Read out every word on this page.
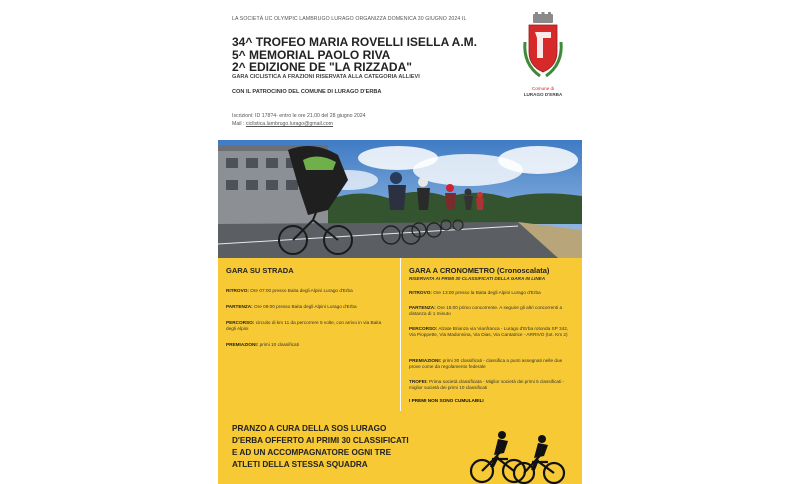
LA SOCIETÀ UC OLYMPIC LAMBRUGO LURAGO ORGANIZZA DOMENICA 30 GIUGNO 2024 IL
34^ TROFEO MARIA ROVELLI ISELLA A.M.
5^ MEMORIAL PAOLO RIVA
2^ EDIZIONE DE "LA RIZZADA"
GARA CICLISTICA A FRAZIONI RISERVATA ALLA CATEGORIA ALLIEVI
CON IL PATROCINIO DEL COMUNE DI LURAGO D'ERBA
Iscrizioni: ID 178?4- entro le ore 21.00 del 28 giugno 2024
Mail : ciclistica.lambrugo.lurago@gmail.com
Comune di
LURAGO D'ERBA
GARA SU STRADA
RITROVO: Ore 07:00 presso Baita degli Alpini Lurago d'Erba
PARTENZA: Ore 09:00 presso Baita degli Alpini Lurago d'Erba
PERCORSO: circuito di km 11 da percorrere 5 volte, con arrivo in via Baita degli Alpini
PREMIAZIONI: primi 10 classificati
GARA A CRONOMETRO (Cronoscalata)
RISERVATA AI PRIMI 30 CLASSIFICATI DELLA GARA IN LINEA
RITROVO: Ore 13:00 presso la Baita degli Alpini Lurago d'Erba
PARTENZA: Ore 15:00 primo concorrente. A seguire gli altri concorrenti a distanza di 1 minuto
PERCORSO: Alzate Brianza via Vianfranca - Lurago d'Erba rotonda SP 342, Via Pioppette, Via Madonnina, Via Dias, Via Cantatrice - ARRIVO (tot. Km 2)
PREMIAZIONI: primi 30 classificati - classifica a punti assegnati nelle due prove come da regolamento federale
TROFEI: Prima società classificata - Miglior società dei primi 5 classificati - miglior società dei primi 10 classificati
I PREMI NON SONO CUMULABILI
PRANZO A CURA DELLA SOS LURAGO
D'ERBA OFFERTO AI PRIMI 30 CLASSIFICATI
E AD UN ACCOMPAGNATORE OGNI TRE
ATLETI DELLA STESSA SQUADRA
